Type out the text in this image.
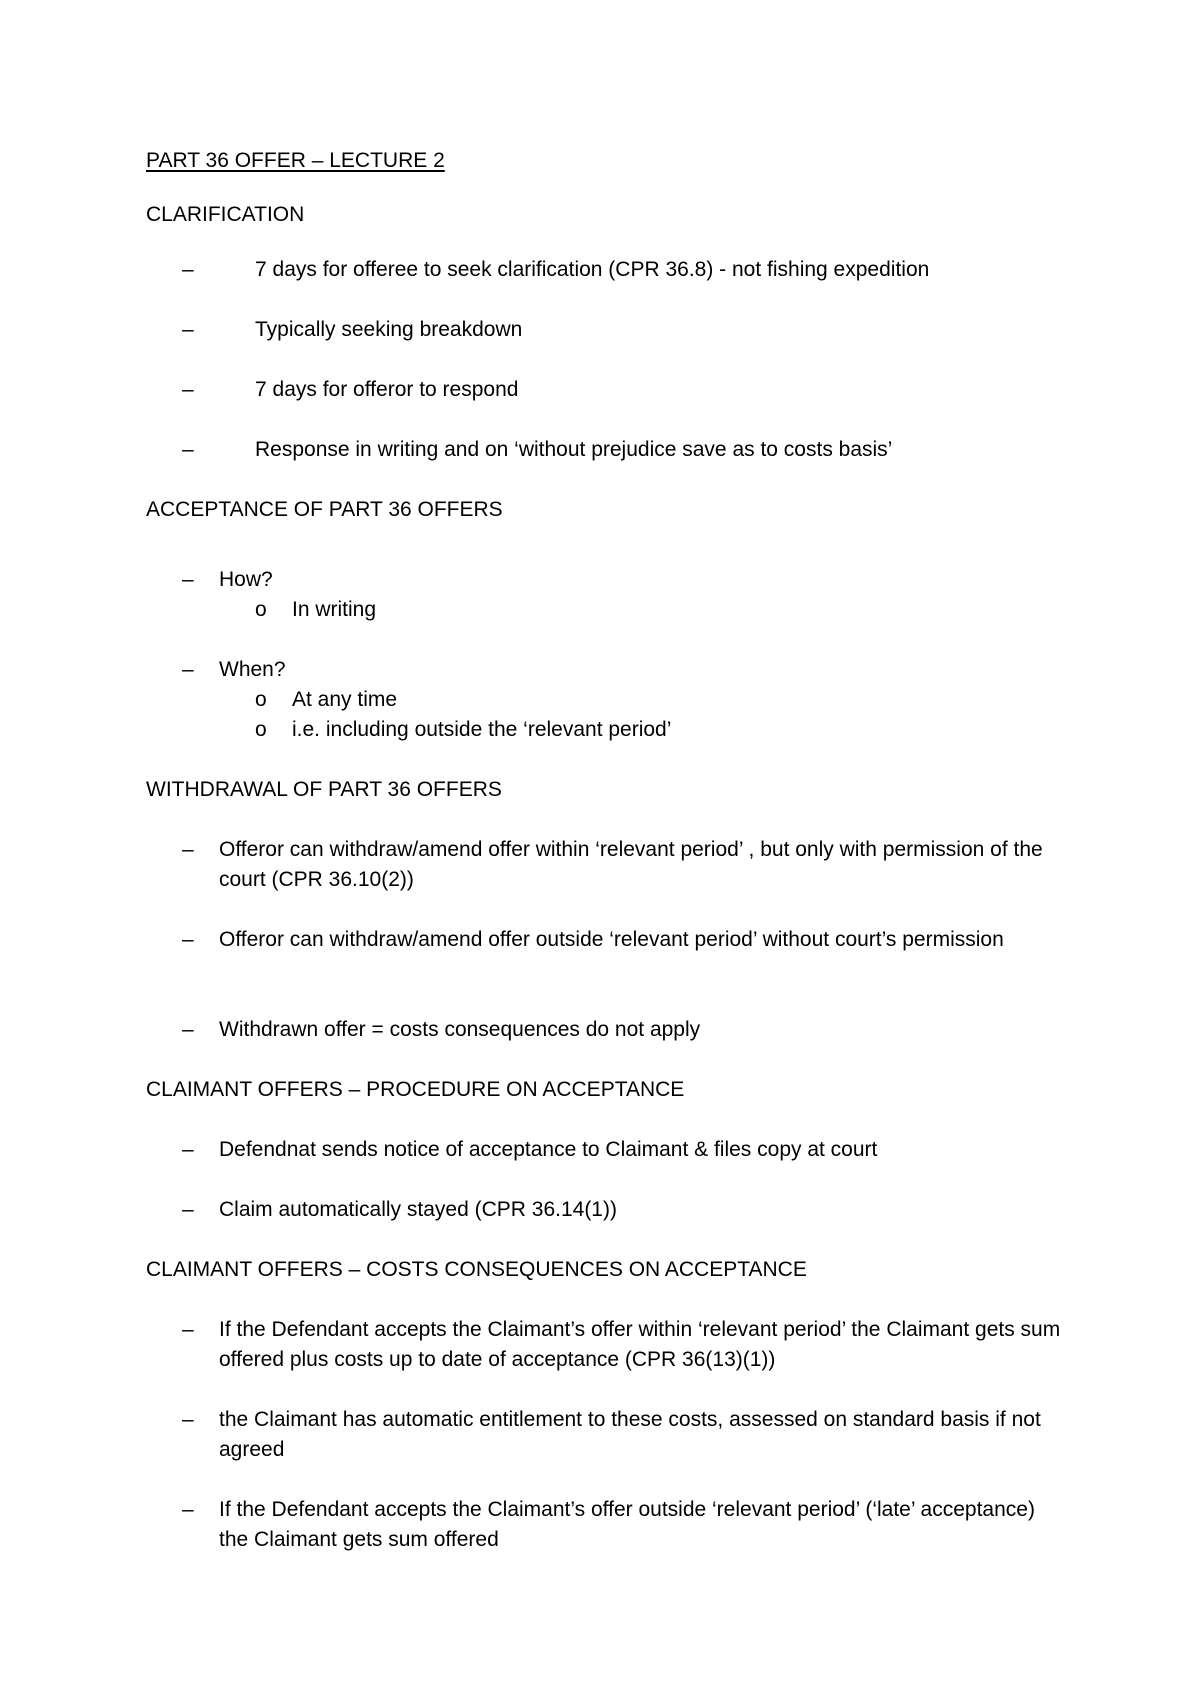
PART 36 OFFER – LECTURE 2
CLARIFICATION
–	7 days for offeree to seek clarification (CPR 36.8) - not fishing expedition
–	Typically seeking breakdown
–	7 days for offeror to respond
–	Response in writing and on ‘without prejudice save as to costs basis’
ACCEPTANCE OF PART 36 OFFERS
–	How?
o In writing
–	When?
o At any time
o i.e. including outside the ‘relevant period’
WITHDRAWAL OF PART 36 OFFERS
–	Offeror can withdraw/amend offer within ‘relevant period’ , but only with permission of the court (CPR 36.10(2))
–	Offeror can withdraw/amend offer outside ‘relevant period’ without court’s permission
–	Withdrawn offer = costs consequences do not apply
CLAIMANT OFFERS – PROCEDURE ON ACCEPTANCE
–	Defendnat sends notice of acceptance to Claimant & files copy at court
–	Claim automatically stayed (CPR 36.14(1))
CLAIMANT OFFERS – COSTS CONSEQUENCES ON ACCEPTANCE
–	If the Defendant accepts the Claimant’s offer within ‘relevant period’ the Claimant gets sum offered plus costs up to date of acceptance (CPR 36(13)(1))
–	the Claimant has automatic entitlement to these costs, assessed on standard basis if not agreed
–	If the Defendant accepts the Claimant’s offer outside ‘relevant period’ (‘late’ acceptance) the Claimant gets sum offered
